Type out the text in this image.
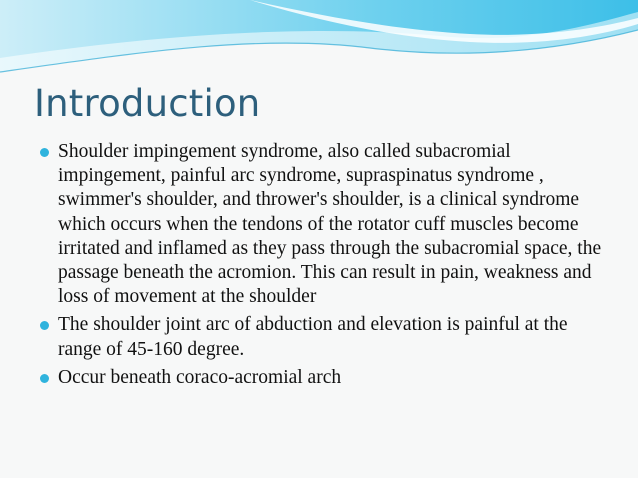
Introduction
Shoulder impingement syndrome, also called subacromial impingement, painful arc syndrome, supraspinatus syndrome , swimmer's shoulder, and thrower's shoulder, is a clinical syndrome which occurs when the tendons of the rotator cuff muscles become irritated and inflamed as they pass through the subacromial space, the passage beneath the acromion. This can result in pain, weakness and loss of movement at the shoulder
The shoulder joint arc of abduction and elevation is painful at the range of 45-160 degree.
Occur beneath coraco-acromial arch
